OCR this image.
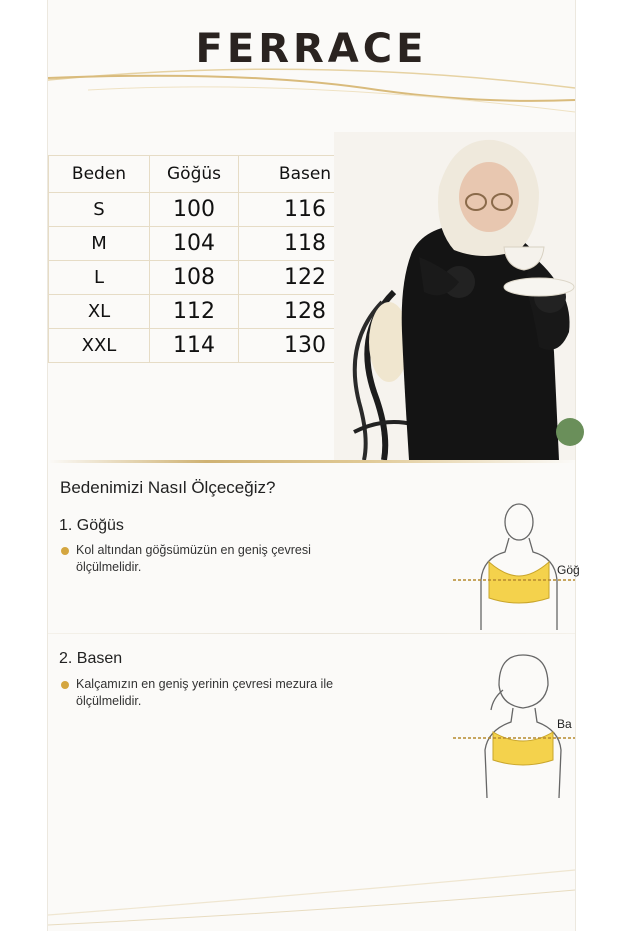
FERRACE
Beden	Göğüs	Basen	
S	100	116	
M	104	118	
L	108	122	
XL	112	128	
XXL	114	130	
Bedenimizi Nasıl Ölçeceğiz?
1. Göğüs
Kol altından göğsümüzün en geniş çevresi ölçülmelidir.	Göğ
2. Basen
Kalçamızın en geniş yerinin çevresi mezura ile ölçülmelidir.
Ba
